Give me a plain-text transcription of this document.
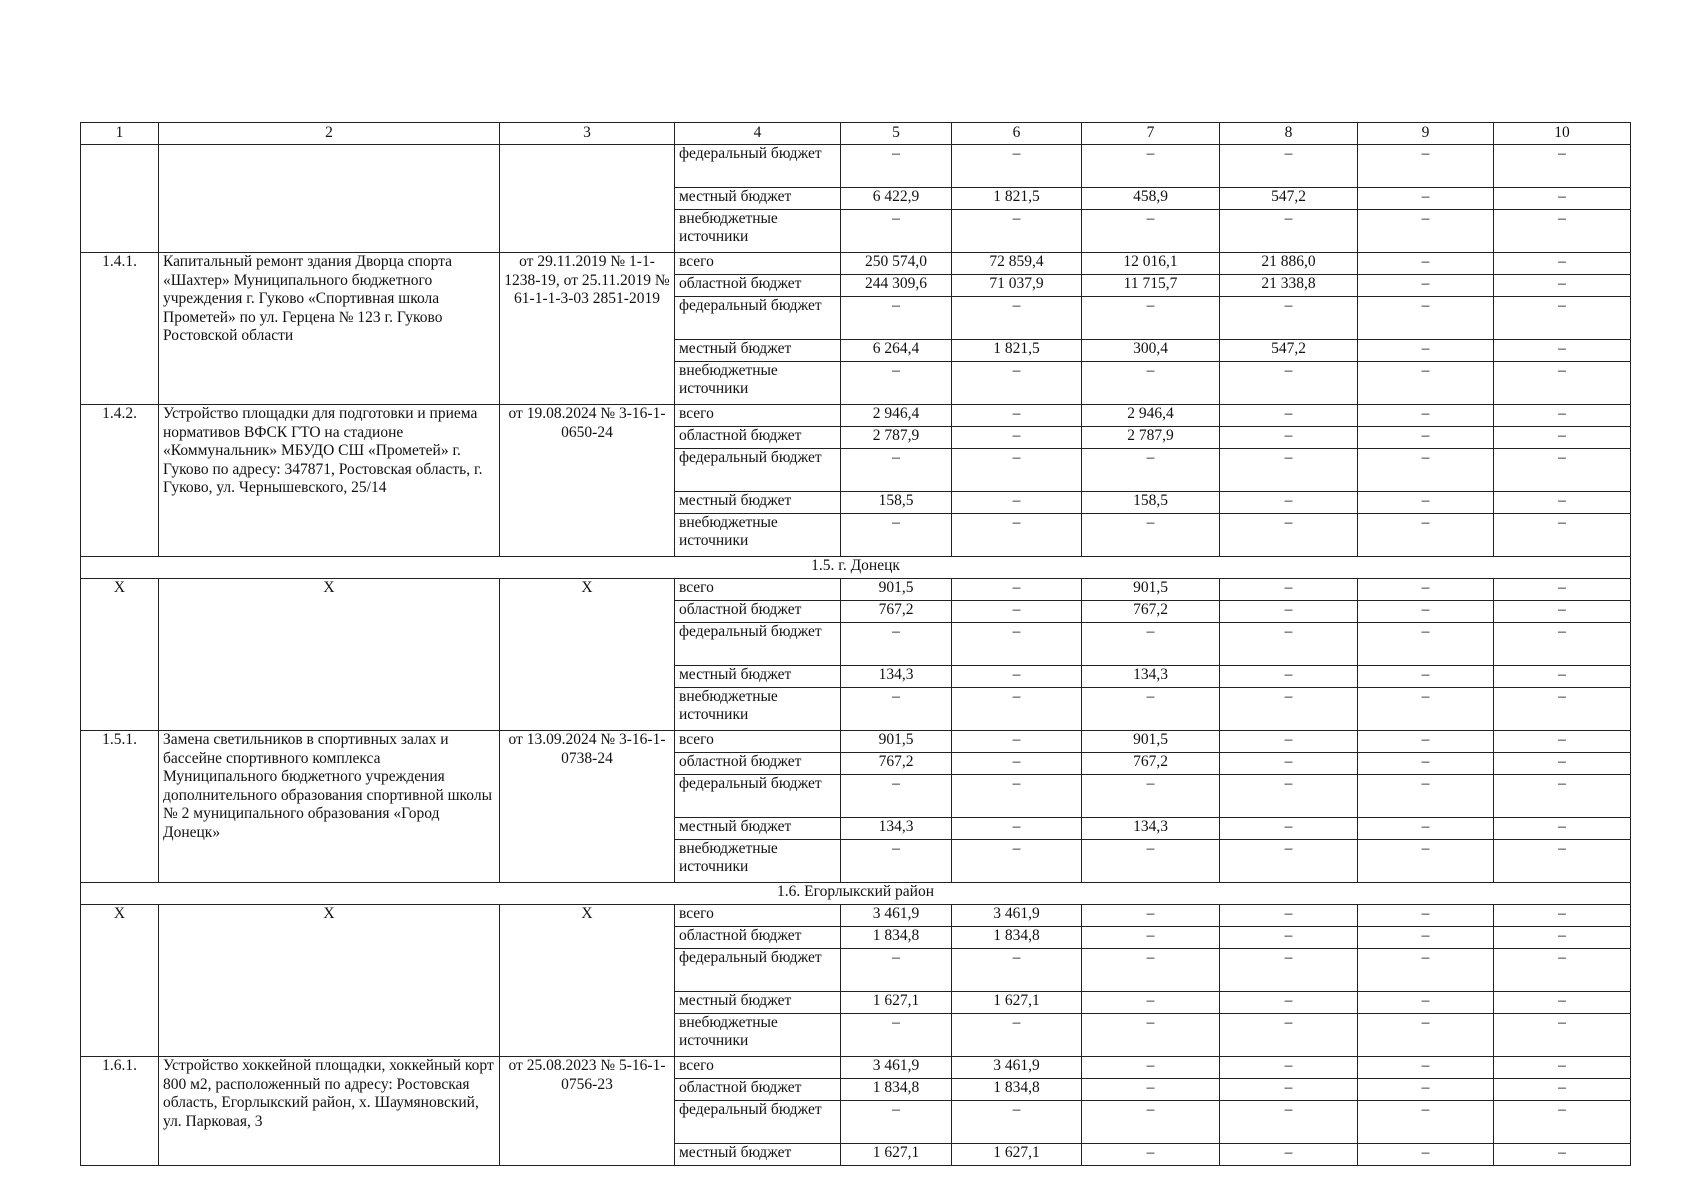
1	2	3	4	5	6	7	8	9	10
			федеральный бюджет	–	–	–	–	–	–
			местный бюджет	6 422,9	1 821,5	458,9	547,2	–	–
			внебюджетные источники	–	–	–	–	–	–
1.4.1.	Капитальный ремонт здания Дворца спорта «Шахтер» Муниципального бюджетного учреждения г. Гуково «Спортивная школа Прометей» по ул. Герцена № 123 г. Гуково Ростовской области	от 29.11.2019 № 1-1-1238-19, от 25.11.2019 № 61-1-1-3-03 2851-2019	всего	250 574,0	72 859,4	12 016,1	21 886,0	–	–
			областной бюджет	244 309,6	71 037,9	11 715,7	21 338,8	–	–
			федеральный бюджет	–	–	–	–	–	–
			местный бюджет	6 264,4	1 821,5	300,4	547,2	–	–
			внебюджетные источники	–	–	–	–	–	–
1.4.2.	Устройство площадки для подготовки и приема нормативов ВФСК ГТО на стадионе «Коммунальник» МБУДО СШ «Прометей» г. Гуково по адресу: 347871, Ростовская область, г. Гуково, ул. Чернышевского, 25/14	от 19.08.2024 № 3-16-1-0650-24	всего	2 946,4	–	2 946,4	–	–	–
			областной бюджет	2 787,9	–	2 787,9	–	–	–
			федеральный бюджет	–	–	–	–	–	–
			местный бюджет	158,5	–	158,5	–	–	–
			внебюджетные источники	–	–	–	–	–	–
1.5. г. Донецк									
X	X	X	всего	901,5	–	901,5	–	–	–
			областной бюджет	767,2	–	767,2	–	–	–
			федеральный бюджет	–	–	–	–	–	–
			местный бюджет	134,3	–	134,3	–	–	–
			внебюджетные источники	–	–	–	–	–	–
1.5.1.	Замена светильников в спортивных залах и бассейне спортивного комплекса Муниципального бюджетного учреждения дополнительного образования спортивной школы № 2 муниципального образования «Город Донецк»	от 13.09.2024 № 3-16-1-0738-24	всего	901,5	–	901,5	–	–	–
			областной бюджет	767,2	–	767,2	–	–	–
			федеральный бюджет	–	–	–	–	–	–
			местный бюджет	134,3	–	134,3	–	–	–
			внебюджетные источники	–	–	–	–	–	–
1.6. Егорлыкский район									
X	X	X	всего	3 461,9	3 461,9	–	–	–	–
			областной бюджет	1 834,8	1 834,8	–	–	–	–
			федеральный бюджет	–	–	–	–	–	–
			местный бюджет	1 627,1	1 627,1	–	–	–	–
			внебюджетные источники	–	–	–	–	–	–
1.6.1.	Устройство хоккейной площадки, хоккейный корт 800 м2, расположенный по адресу: Ростовская область, Егорлыкский район, х. Шаумяновский, ул. Парковая, 3	от 25.08.2023 № 5-16-1-0756-23	всего	3 461,9	3 461,9	–	–	–	–
			областной бюджет	1 834,8	1 834,8	–	–	–	–
			федеральный бюджет	–	–	–	–	–	–
			местный бюджет	1 627,1	1 627,1	–	–	–	–
